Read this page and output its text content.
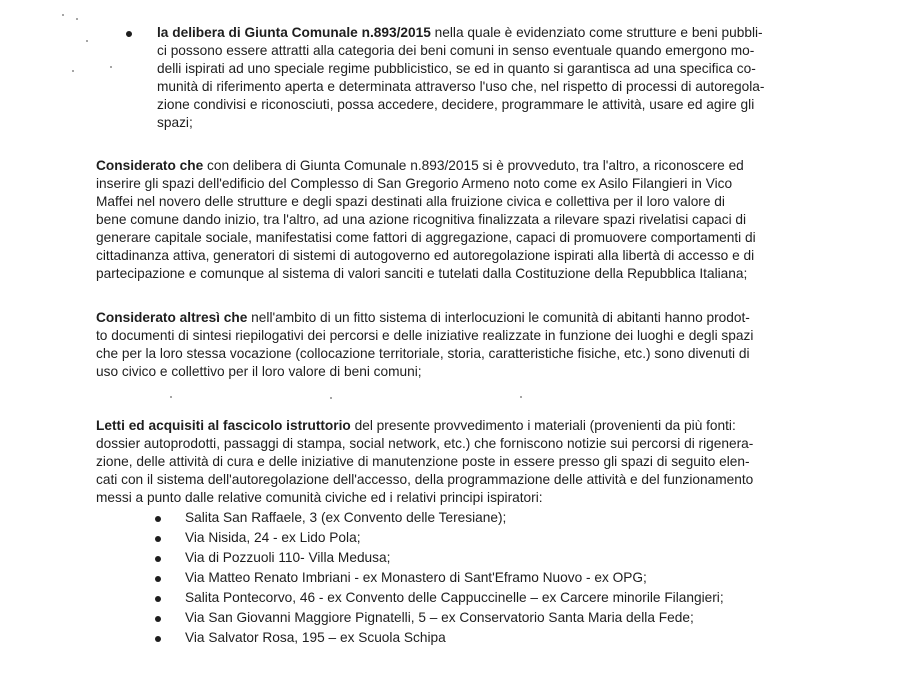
la delibera di Giunta Comunale n.893/2015 nella quale è evidenziato come strutture e beni pubbli-
ci possono essere attratti alla categoria dei beni comuni in senso eventuale quando emergono mo-
delli ispirati ad uno speciale regime pubblicistico, se ed in quanto si garantisca ad una specifica co-
munità di riferimento aperta e determinata attraverso l'uso che, nel rispetto di processi di autoregola-
zione condivisi e riconosciuti, possa accedere, decidere, programmare le attività, usare ed agire gli
spazi;
Considerato che con delibera di Giunta Comunale n.893/2015 si è provveduto, tra l'altro, a riconoscere ed
inserire gli spazi dell'edificio del Complesso di San Gregorio Armeno noto come ex Asilo Filangieri in Vico
Maffei nel novero delle strutture e degli spazi destinati alla fruizione civica e collettiva per il loro valore di
bene comune dando inizio, tra l'altro, ad una azione ricognitiva finalizzata a rilevare spazi rivelatisi capaci di
generare capitale sociale, manifestatisi come fattori di aggregazione, capaci di promuovere comportamenti di
cittadinanza attiva, generatori di sistemi di autogoverno ed autoregolazione ispirati alla libertà di accesso e di
partecipazione e comunque al sistema di valori sanciti e tutelati dalla Costituzione della Repubblica Italiana;
Considerato altresì che nell'ambito di un fitto sistema di interlocuzioni le comunità di abitanti hanno prodot-
to documenti di sintesi riepilogativi dei percorsi e delle iniziative realizzate in funzione dei luoghi e degli spazi
che per la loro stessa vocazione (collocazione territoriale, storia, caratteristiche fisiche, etc.) sono divenuti di
uso civico e collettivo per il loro valore di beni comuni;
Letti ed acquisiti al fascicolo istruttorio del presente provvedimento i materiali (provenienti da più fonti:
dossier autoprodotti, passaggi di stampa, social network, etc.) che forniscono notizie sui percorsi di rigenera-
zione, delle attività di cura e delle iniziative di manutenzione poste in essere presso gli spazi di seguito elen-
cati con il sistema dell'autoregolazione dell'accesso, della programmazione delle attività e del funzionamento
messi a punto dalle relative comunità civiche ed i relativi principi ispiratori:
Salita San Raffaele, 3 (ex Convento delle Teresiane);
Via Nisida, 24 - ex Lido Pola;
Via di Pozzuoli 110- Villa Medusa;
Via Matteo Renato Imbriani - ex Monastero di Sant'Eframo Nuovo - ex OPG;
Salita Pontecorvo, 46 - ex Convento delle Cappuccinelle – ex Carcere minorile Filangieri;
Via San Giovanni Maggiore Pignatelli, 5 – ex Conservatorio Santa Maria della Fede;
Via Salvator Rosa, 195 – ex Scuola Schipa
